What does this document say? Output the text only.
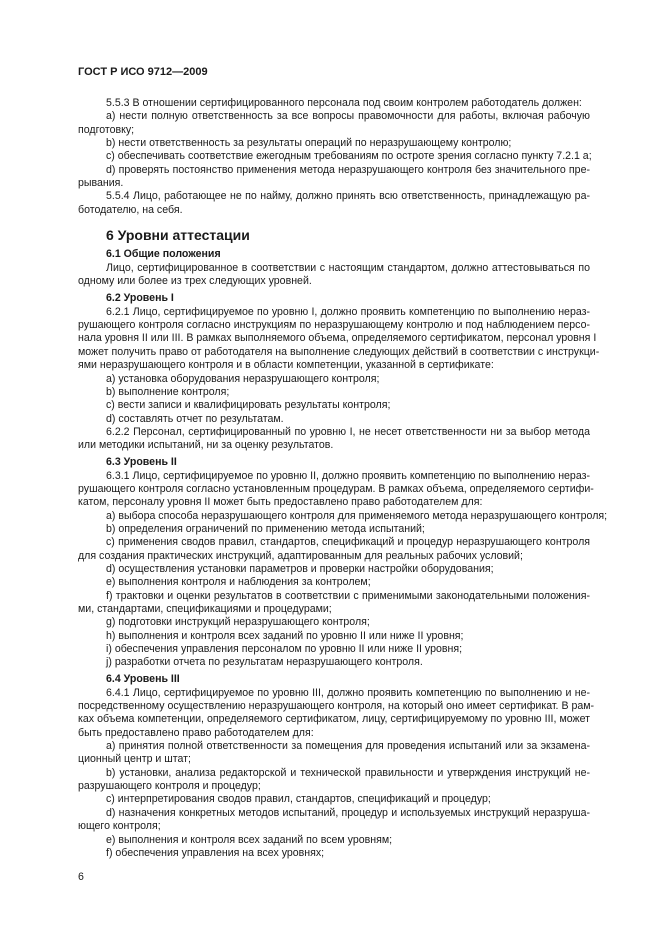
ГОСТ Р ИСО 9712—2009
5.5.3 В отношении сертифицированного персонала под своим контролем работодатель должен:
a) нести полную ответственность за все вопросы правомочности для работы, включая рабочую
подготовку;
b) нести ответственность за результаты операций по неразрушающему контролю;
c) обеспечивать соответствие ежегодным требованиям по остроте зрения согласно пункту 7.2.1 а;
d) проверять постоянство применения метода неразрушающего контроля без значительного пре-
рывания.
5.5.4 Лицо, работающее не по найму, должно принять всю ответственность, принадлежащую ра-
ботодателю, на себя.
6 Уровни аттестации
6.1 Общие положения
Лицо, сертифицированное в соответствии с настоящим стандартом, должно аттестовываться по
одному или более из трех следующих уровней.
6.2 Уровень I
6.2.1 Лицо, сертифицируемое по уровню I, должно проявить компетенцию по выполнению нераз-
рушающего контроля согласно инструкциям по неразрушающему контролю и под наблюдением персо-
нала уровня II или III. В рамках выполняемого объема, определяемого сертификатом, персонал уровня I
может получить право от работодателя на выполнение следующих действий в соответствии с инструкци-
ями неразрушающего контроля и в области компетенции, указанной в сертификате:
a) установка оборудования неразрушающего контроля;
b) выполнение контроля;
c) вести записи и квалифицировать результаты контроля;
d) составлять отчет по результатам.
6.2.2 Персонал, сертифицированный по уровню I, не несет ответственности ни за выбор метода
или методики испытаний, ни за оценку результатов.
6.3 Уровень II
6.3.1 Лицо, сертифицируемое по уровню II, должно проявить компетенцию по выполнению нераз-
рушающего контроля согласно установленным процедурам. В рамках объема, определяемого сертифи-
катом, персоналу уровня II может быть предоставлено право работодателем для:
a) выбора способа неразрушающего контроля для применяемого метода неразрушающего контроля;
b) определения ограничений по применению метода испытаний;
c) применения сводов правил, стандартов, спецификаций и процедур неразрушающего контроля
для создания практических инструкций, адаптированным для реальных рабочих условий;
d) осуществления установки параметров и проверки настройки оборудования;
e) выполнения контроля и наблюдения за контролем;
f) трактовки и оценки результатов в соответствии с применимыми законодательными положения-
ми, стандартами, спецификациями и процедурами;
g) подготовки инструкций неразрушающего контроля;
h) выполнения и контроля всех заданий по уровню II или ниже II уровня;
i) обеспечения управления персоналом по уровню II или ниже II уровня;
j) разработки отчета по результатам неразрушающего контроля.
6.4 Уровень III
6.4.1 Лицо, сертифицируемое по уровню III, должно проявить компетенцию по выполнению и не-
посредственному осуществлению неразрушающего контроля, на который оно имеет сертификат. В рам-
ках объема компетенции, определяемого сертификатом, лицу, сертифицируемому по уровню III, может
быть предоставлено право работодателем для:
a) принятия полной ответственности за помещения для проведения испытаний или за экзамена-
ционный центр и штат;
b) установки, анализа редакторской и технической правильности и утверждения инструкций не-
разрушающего контроля и процедур;
c) интерпретирования сводов правил, стандартов, спецификаций и процедур;
d) назначения конкретных методов испытаний, процедур и используемых инструкций неразруша-
ющего контроля;
e) выполнения и контроля всех заданий по всем уровням;
f) обеспечения управления на всех уровнях;
6
